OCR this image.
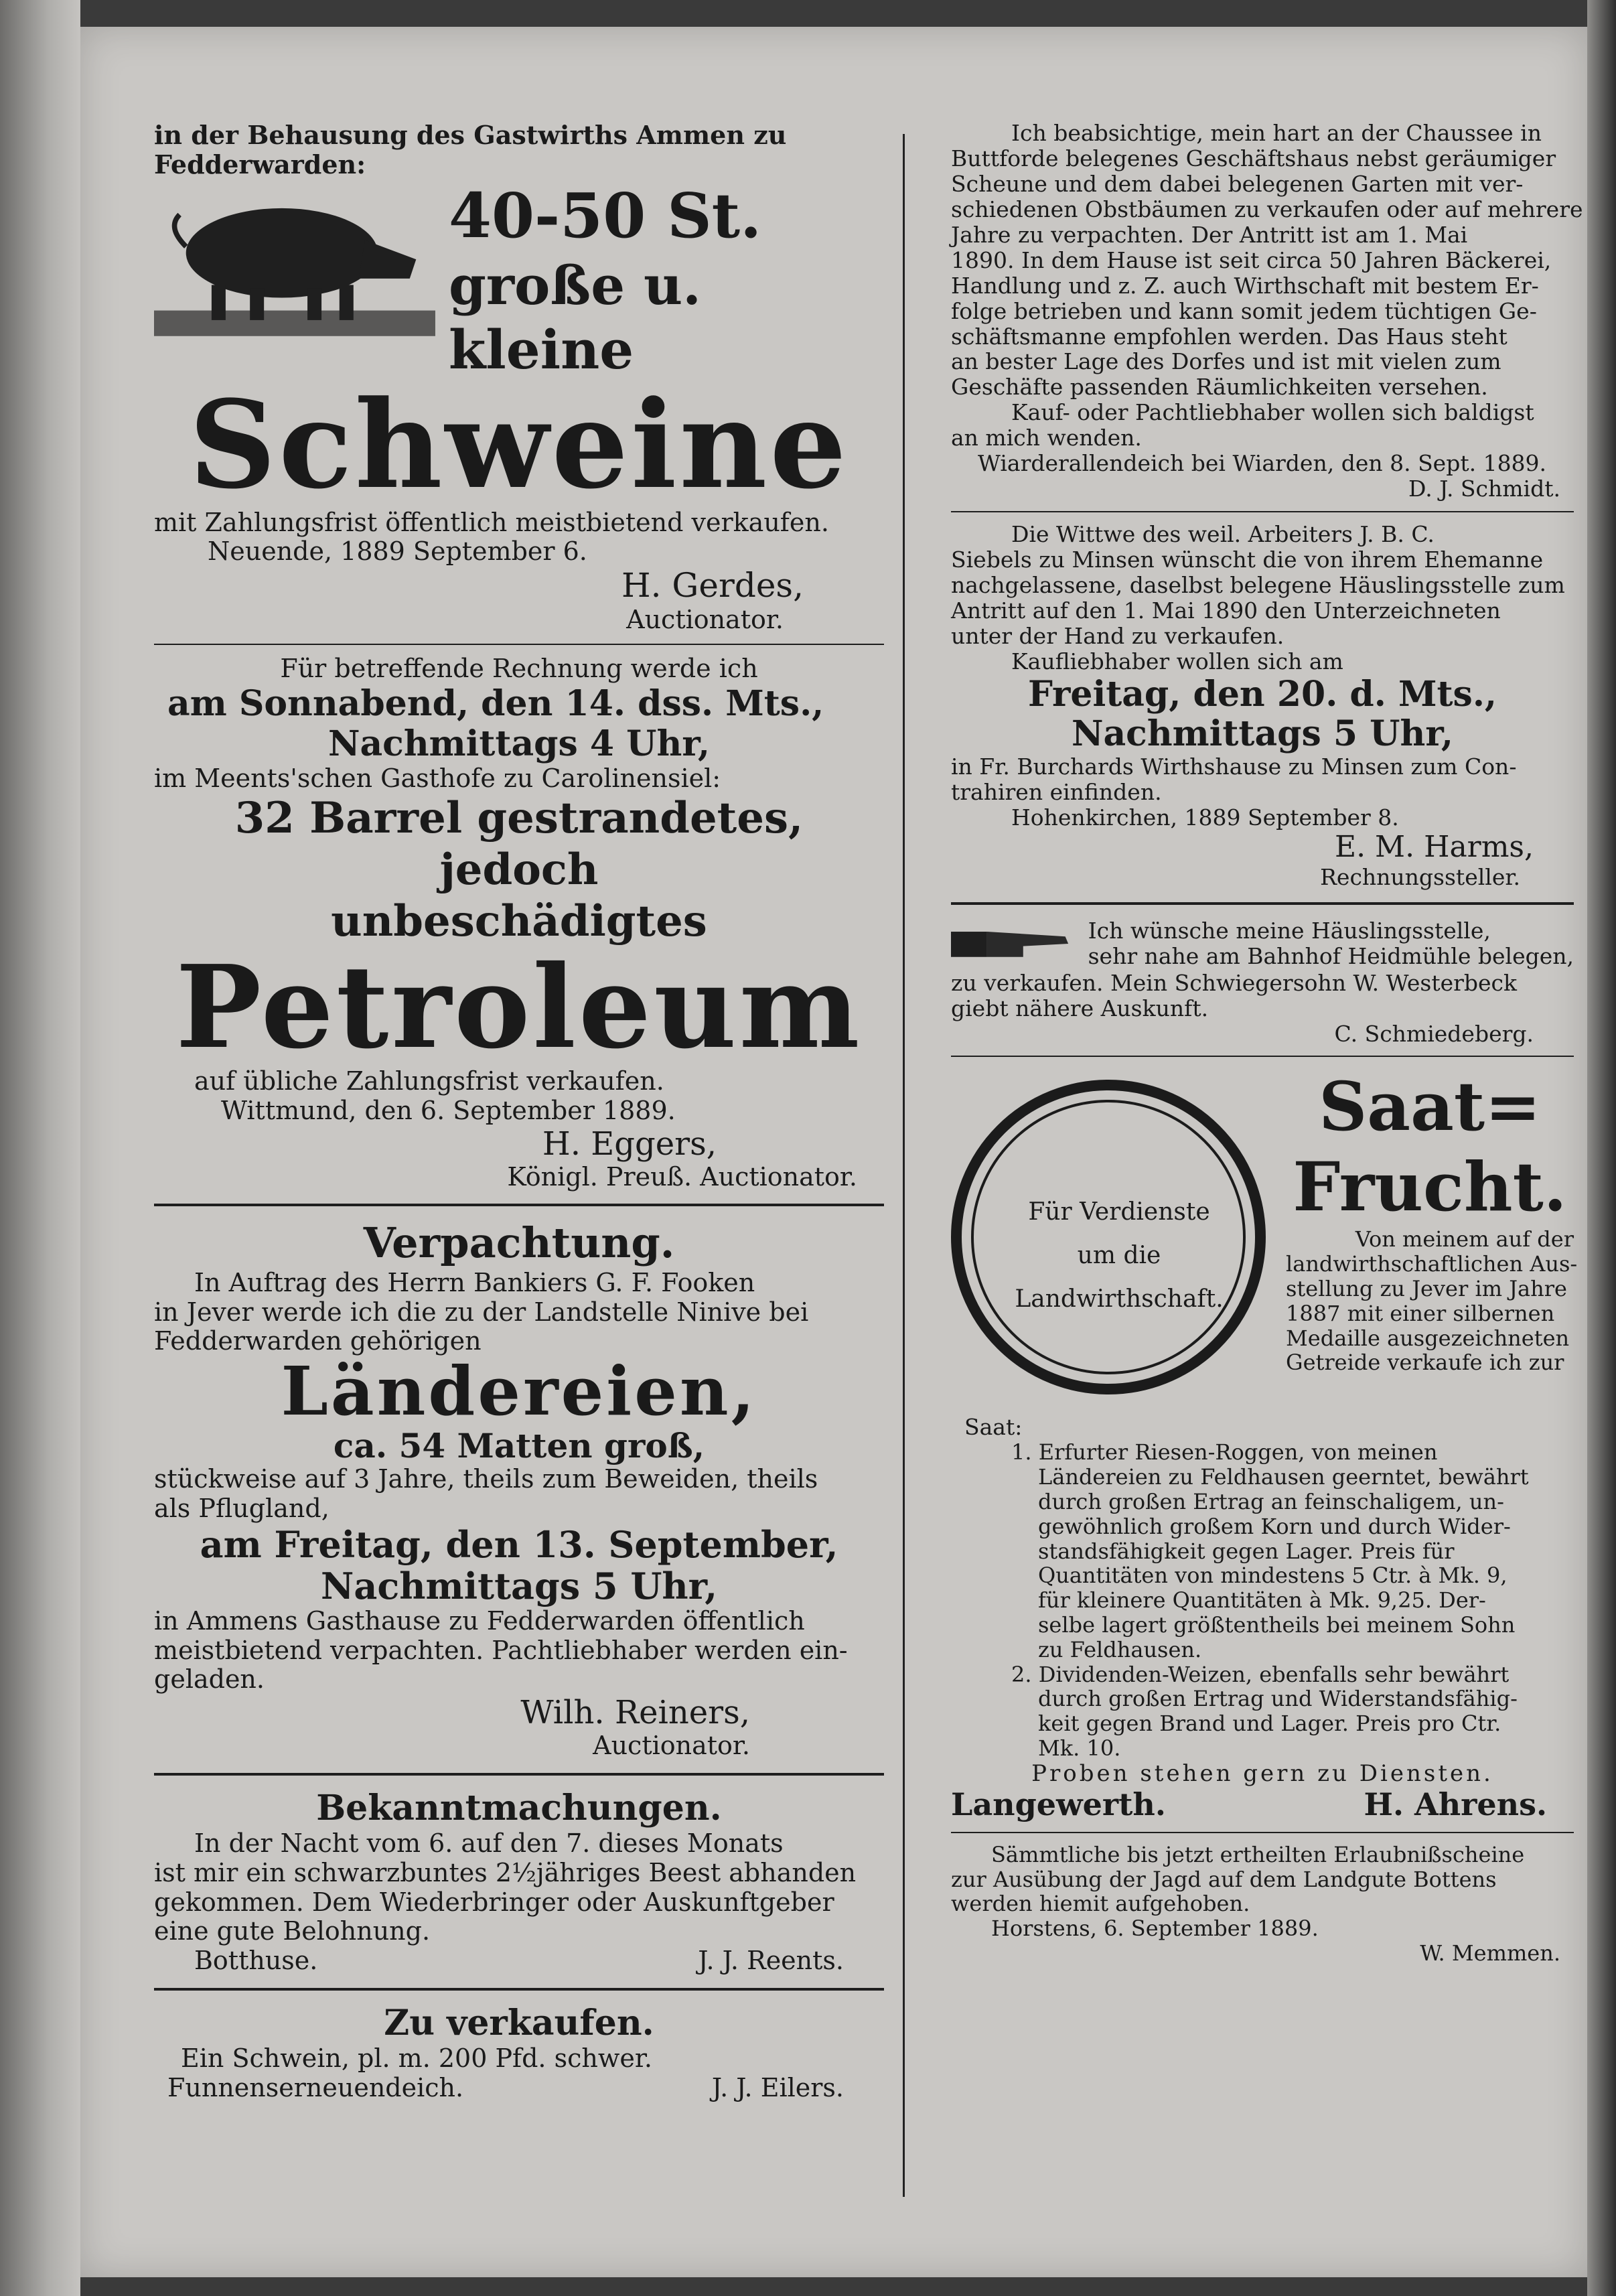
in der Behausung des Gastwirths Ammen zu
Fedderwarden:
40-50 St.
große u. kleine
Schweine
mit Zahlungsfrist öffentlich meistbietend verkaufen.
Neuende, 1889 September 6.
H. Gerdes,
Auctionator.
Für betreffende Rechnung werde ich
am Sonnabend, den 14. dss. Mts.,
Nachmittags 4 Uhr,
im Meents'schen Gasthofe zu Carolinensiel:
32 Barrel gestrandetes, jedoch
unbeschädigtes
Petroleum
auf übliche Zahlungsfrist verkaufen.
Wittmund, den 6. September 1889.
H. Eggers,
Königl. Preuß. Auctionator.
Verpachtung.
In Auftrag des Herrn Bankiers G. F. Fooken
in Jever werde ich die zu der Landstelle Ninive bei
Fedderwarden gehörigen
Ländereien,
ca. 54 Matten groß,
stückweise auf 3 Jahre, theils zum Beweiden, theils
als Pflugland,
am Freitag, den 13. September,
Nachmittags 5 Uhr,
in Ammens Gasthause zu Fedderwarden öffentlich
meistbietend verpachten. Pachtliebhaber werden ein-
geladen.
Wilh. Reiners,
Auctionator.
Bekanntmachungen.
In der Nacht vom 6. auf den 7. dieses Monats
ist mir ein schwarzbuntes 2½jähriges Beest abhanden
gekommen. Dem Wiederbringer oder Auskunftgeber
eine gute Belohnung.
Botthuse.	J. J. Reents.
Zu verkaufen.
Ein Schwein, pl. m. 200 Pfd. schwer.
Funnenserneuendeich.	J. J. Eilers.
Ich beabsichtige, mein hart an der Chaussee in
Buttforde belegenes Geschäftshaus nebst geräumiger
Scheune und dem dabei belegenen Garten mit ver-
schiedenen Obstbäumen zu verkaufen oder auf mehrere
Jahre zu verpachten. Der Antritt ist am 1. Mai
1890. In dem Hause ist seit circa 50 Jahren Bäckerei,
Handlung und z. Z. auch Wirthschaft mit bestem Er-
folge betrieben und kann somit jedem tüchtigen Ge-
schäftsmanne empfohlen werden. Das Haus steht
an bester Lage des Dorfes und ist mit vielen zum
Geschäfte passenden Räumlichkeiten versehen.
Kauf- oder Pachtliebhaber wollen sich baldigst
an mich wenden.
Wiarderallendeich bei Wiarden, den 8. Sept. 1889.
D. J. Schmidt.
Die Wittwe des weil. Arbeiters J. B. C.
Siebels zu Minsen wünscht die von ihrem Ehemanne
nachgelassene, daselbst belegene Häuslingsstelle zum
Antritt auf den 1. Mai 1890 den Unterzeichneten
unter der Hand zu verkaufen.
Kaufliebhaber wollen sich am
Freitag, den 20. d. Mts.,
Nachmittags 5 Uhr,
in Fr. Burchards Wirthshause zu Minsen zum Con-
trahiren einfinden.
Hohenkirchen, 1889 September 8.
E. M. Harms,
Rechnungssteller.
Ich wünsche meine Häuslingsstelle,
sehr nahe am Bahnhof Heidmühle belegen,
zu verkaufen. Mein Schwiegersohn W. Westerbeck
giebt nähere Auskunft.
C. Schmiedeberg.
Für Verdienste
um die
Landwirthschaft.
Saat=
Frucht.
Von meinem auf der
landwirthschaftlichen Aus-
stellung zu Jever im Jahre
1887 mit einer silbernen
Medaille ausgezeichneten
Getreide verkaufe ich zur
Saat:
1. Erfurter Riesen-Roggen, von meinen
Ländereien zu Feldhausen geerntet, bewährt
durch großen Ertrag an feinschaligem, un-
gewöhnlich großem Korn und durch Wider-
standsfähigkeit gegen Lager. Preis für
Quantitäten von mindestens 5 Ctr. à Mk. 9,
für kleinere Quantitäten à Mk. 9,25. Der-
selbe lagert größtentheils bei meinem Sohn
zu Feldhausen.
2. Dividenden-Weizen, ebenfalls sehr bewährt
durch großen Ertrag und Widerstandsfähig-
keit gegen Brand und Lager. Preis pro Ctr.
Mk. 10.
Proben stehen gern zu Diensten.
Langewerth.	H. Ahrens.
Sämmtliche bis jetzt ertheilten Erlaubnißscheine
zur Ausübung der Jagd auf dem Landgute Bottens
werden hiemit aufgehoben.
Horstens, 6. September 1889.
W. Memmen.
